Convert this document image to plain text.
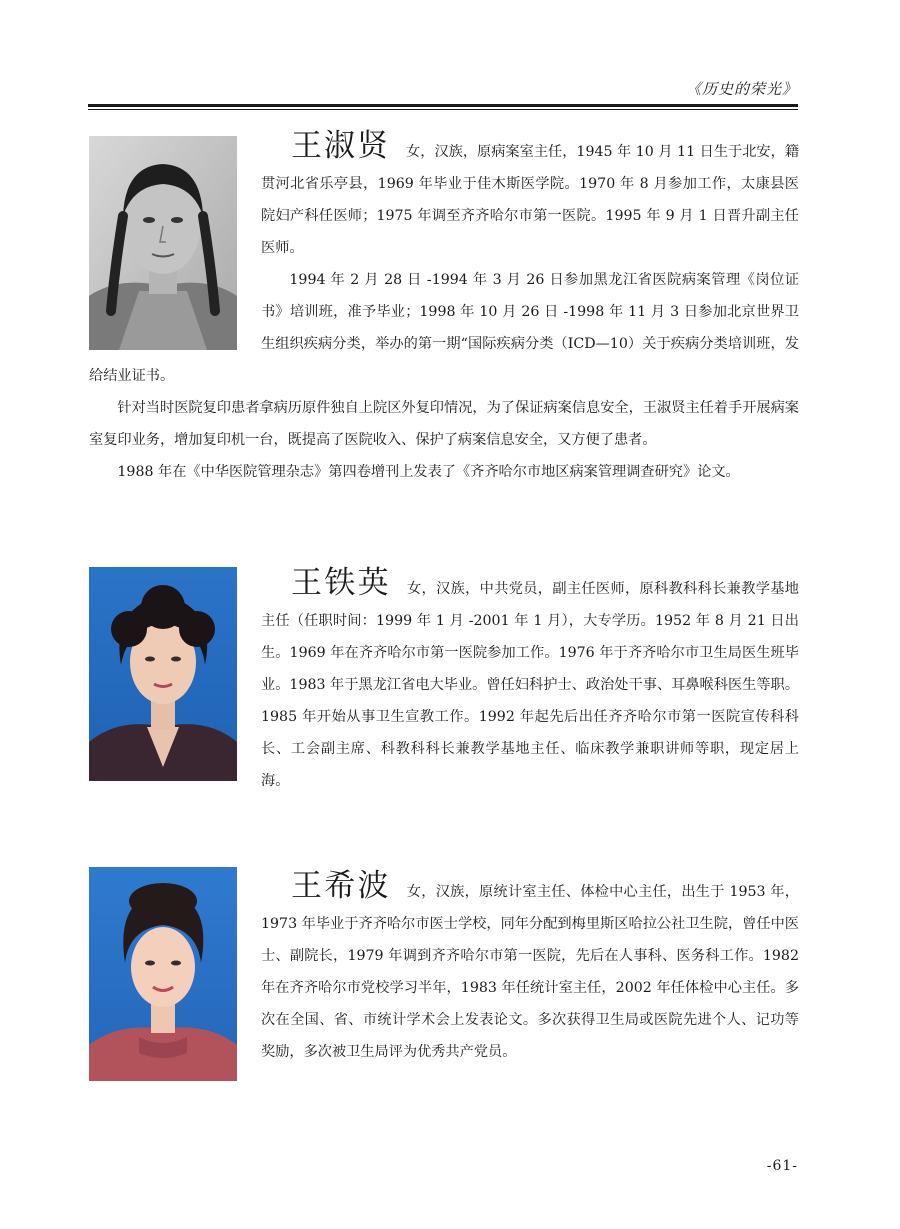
《历史的荣光》

王淑贤 女，汉族，原病案室主任，1945 年 10 月 11 日生于北安，籍贯河北省乐亭县，1969 年毕业于佳木斯医学院。1970 年 8 月参加工作，太康县医院妇产科任医师；1975 年调至齐齐哈尔市第一医院。1995 年 9 月 1 日晋升副主任医师。

1994 年 2 月 28 日 -1994 年 3 月 26 日参加黑龙江省医院病案管理《岗位证书》培训班，准予毕业；1998 年 10 月 26 日 -1998 年 11 月 3 日参加北京世界卫生组织疾病分类，举办的第一期“国际疾病分类（ICD—10）关于疾病分类培训班，发给结业证书。

针对当时医院复印患者拿病历原件独自上院区外复印情况，为了保证病案信息安全，王淑贤主任着手开展病案室复印业务，增加复印机一台，既提高了医院收入、保护了病案信息安全，又方便了患者。

1988 年在《中华医院管理杂志》第四卷增刊上发表了《齐齐哈尔市地区病案管理调查研究》论文。

王铁英 女，汉族，中共党员，副主任医师，原科教科科长兼教学基地主任（任职时间：1999 年 1 月 -2001 年 1 月），大专学历。1952 年 8 月 21 日出生。1969 年在齐齐哈尔市第一医院参加工作。1976 年于齐齐哈尔市卫生局医生班毕业。1983 年于黑龙江省电大毕业。曾任妇科护士、政治处干事、耳鼻喉科医生等职。1985 年开始从事卫生宣教工作。1992 年起先后出任齐齐哈尔市第一医院宣传科科长、工会副主席、科教科科长兼教学基地主任、临床教学兼职讲师等职，现定居上海。

王希波 女，汉族，原统计室主任、体检中心主任，出生于 1953 年，1973 年毕业于齐齐哈尔市医士学校，同年分配到梅里斯区哈拉公社卫生院，曾任中医士、副院长，1979 年调到齐齐哈尔市第一医院，先后在人事科、医务科工作。1982 年在齐齐哈尔市党校学习半年，1983 年任统计室主任，2002 年任体检中心主任。多次在全国、省、市统计学术会上发表论文。多次获得卫生局或医院先进个人、记功等奖励，多次被卫生局评为优秀共产党员。

-61-
